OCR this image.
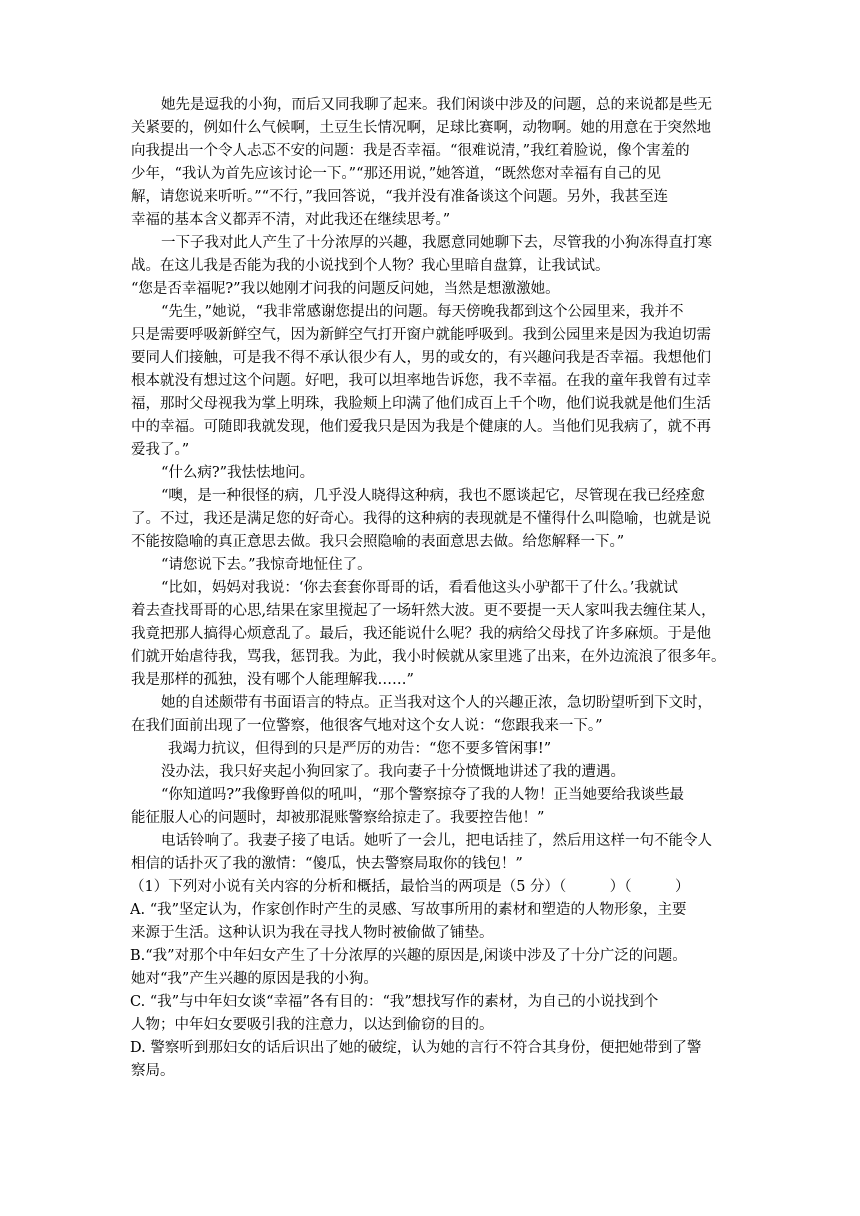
她先是逗我的小狗，而后又同我聊了起来。我们闲谈中涉及的问题，总的来说都是些无
关紧要的，例如什么气候啊，土豆生长情况啊，足球比赛啊，动物啊。她的用意在于突然地
向我提出一个令人忐忑不安的问题：我是否幸福。“很难说清，”我红着脸说，像个害羞的
少年，“我认为首先应该讨论一下。”“那还用说，”她答道，“既然您对幸福有自己的见
解，请您说来听听。”“不行，”我回答说，“我并没有准备谈这个问题。另外，我甚至连
幸福的基本含义都弄不清，对此我还在继续思考。”
一下子我对此人产生了十分浓厚的兴趣，我愿意同她聊下去，尽管我的小狗冻得直打寒
战。在这儿我是否能为我的小说找到个人物？我心里暗自盘算，让我试试。
“您是否幸福呢?”我以她刚才问我的问题反问她，当然是想激激她。
“先生，”她说，“我非常感谢您提出的问题。每天傍晚我都到这个公园里来，我并不
只是需要呼吸新鲜空气，因为新鲜空气打开窗户就能呼吸到。我到公园里来是因为我迫切需
要同人们接触，可是我不得不承认很少有人，男的或女的，有兴趣问我是否幸福。我想他们
根本就没有想过这个问题。好吧，我可以坦率地告诉您，我不幸福。在我的童年我曾有过幸
福，那时父母视我为掌上明珠，我脸颊上印满了他们成百上千个吻，他们说我就是他们生活
中的幸福。可随即我就发现，他们爱我只是因为我是个健康的人。当他们见我病了，就不再
爱我了。”
“什么病?”我怯怯地问。
“噢，是一种很怪的病，几乎没人晓得这种病，我也不愿谈起它，尽管现在我已经痊愈
了。不过，我还是满足您的好奇心。我得的这种病的表现就是不懂得什么叫隐喻，也就是说
不能按隐喻的真正意思去做。我只会照隐喻的表面意思去做。给您解释一下。”
“请您说下去。”我惊奇地怔住了。
“比如，妈妈对我说：‘你去套套你哥哥的话，看看他这头小驴都干了什么。’我就试
着去查找哥哥的心思,结果在家里搅起了一场轩然大波。更不要提一天人家叫我去缠住某人，
我竟把那人搞得心烦意乱了。最后，我还能说什么呢？我的病给父母找了许多麻烦。于是他
们就开始虐待我，骂我，惩罚我。为此，我小时候就从家里逃了出来，在外边流浪了很多年。
我是那样的孤独，没有哪个人能理解我……”
她的自述颇带有书面语言的特点。正当我对这个人的兴趣正浓，急切盼望听到下文时，
在我们面前出现了一位警察，他很客气地对这个女人说：“您跟我来一下。”
我竭力抗议，但得到的只是严厉的劝告：“您不要多管闲事!”
没办法，我只好夹起小狗回家了。我向妻子十分愤慨地讲述了我的遭遇。
“你知道吗?”我像野兽似的吼叫，“那个警察掠夺了我的人物！正当她要给我谈些最
能征服人心的问题时，却被那混账警察给掠走了。我要控告他！”
电话铃响了。我妻子接了电话。她听了一会儿，把电话挂了，然后用这样一句不能令人
相信的话扑灭了我的激情：“傻瓜，快去警察局取你的钱包！”
（1）下列对小说有关内容的分析和概括，最恰当的两项是（5 分）（　　　）（　　　）
A. “我”坚定认为，作家创作时产生的灵感、写故事所用的素材和塑造的人物形象，主要
来源于生活。这种认识为我在寻找人物时被偷做了铺垫。
B.“我”对那个中年妇女产生了十分浓厚的兴趣的原因是,闲谈中涉及了十分广泛的问题。
她对“我”产生兴趣的原因是我的小狗。
C. “我”与中年妇女谈“幸福”各有目的：“我”想找写作的素材，为自己的小说找到个
人物；中年妇女要吸引我的注意力，以达到偷窃的目的。
D. 警察听到那妇女的话后识出了她的破绽，认为她的言行不符合其身份，便把她带到了警
察局。
